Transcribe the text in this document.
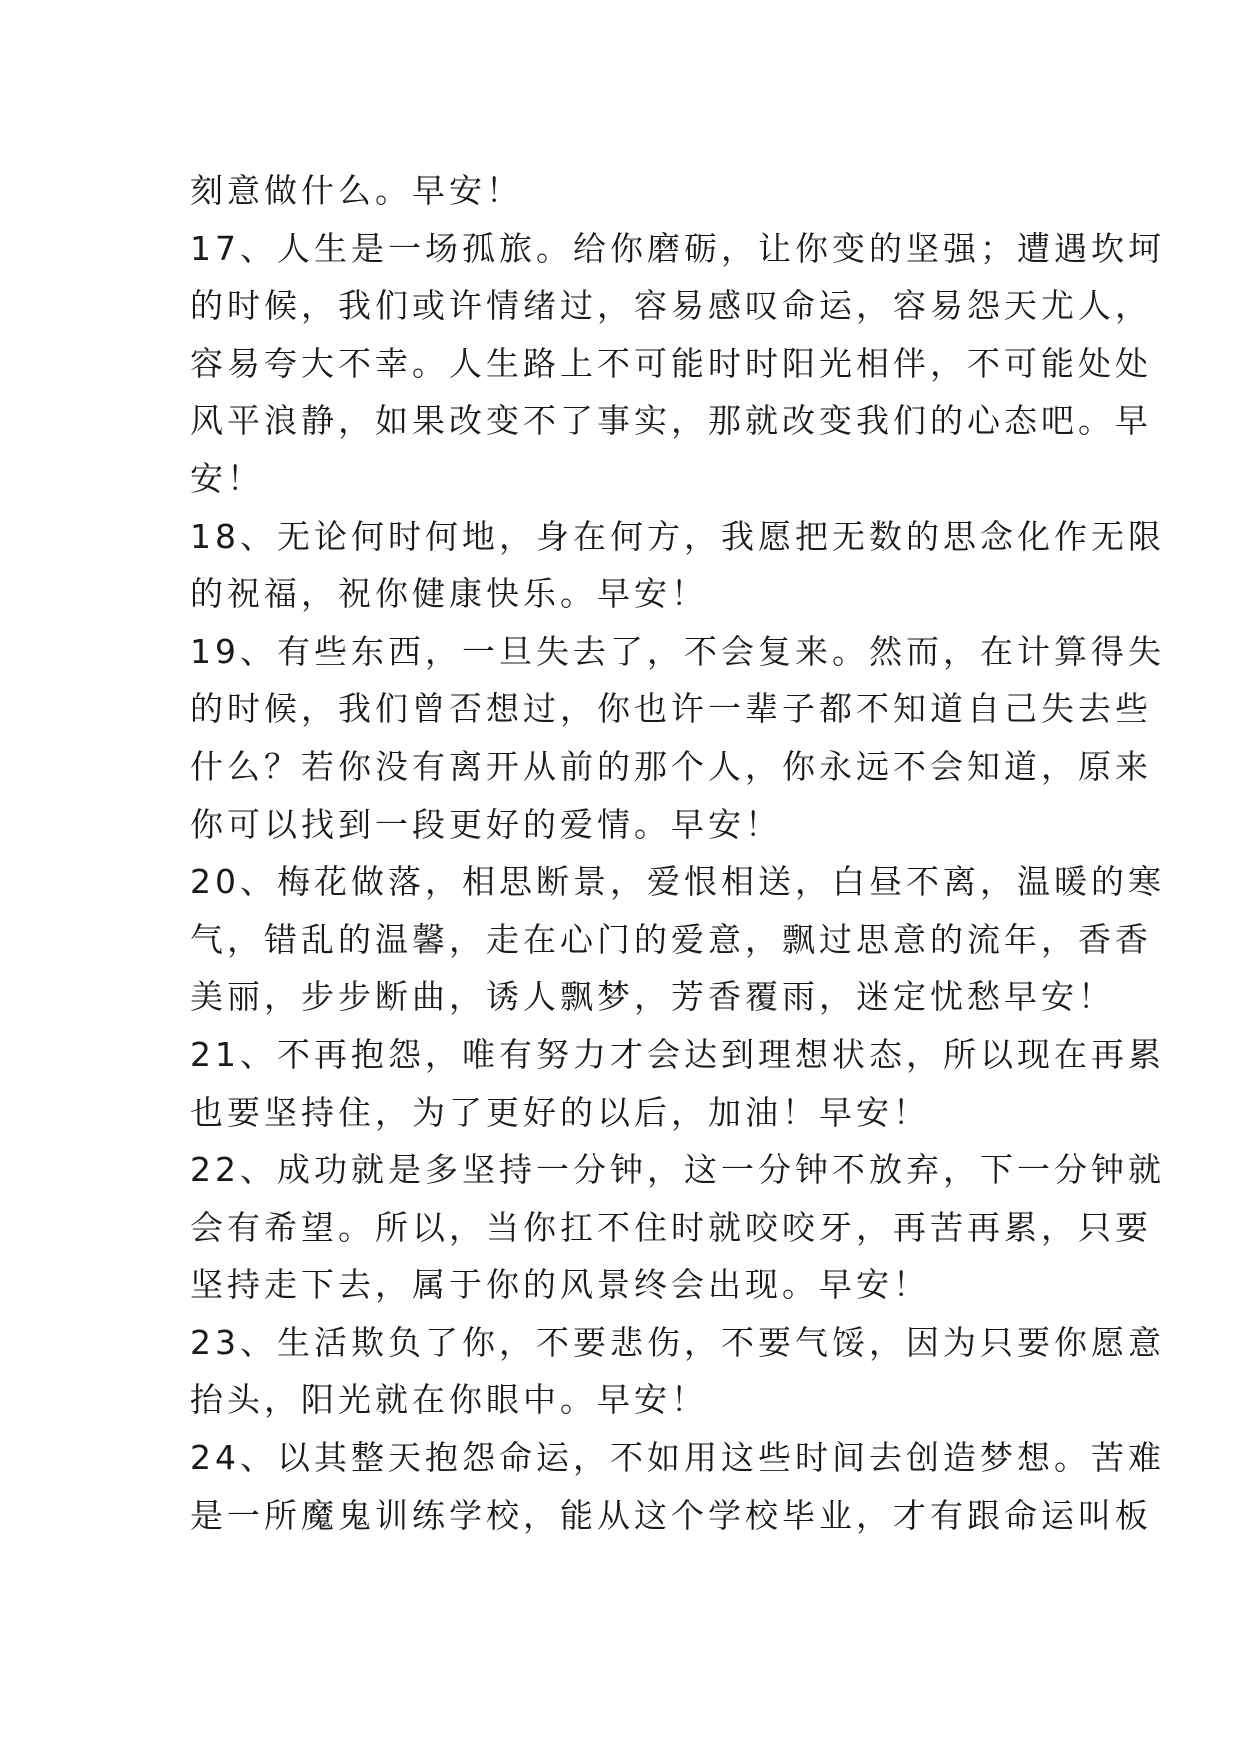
刻意做什么。早安！
17、人生是一场孤旅。给你磨砺，让你变的坚强；遭遇坎坷
的时候，我们或许情绪过，容易感叹命运，容易怨天尤人，
容易夸大不幸。人生路上不可能时时阳光相伴，不可能处处
风平浪静，如果改变不了事实，那就改变我们的心态吧。早
安！
18、无论何时何地，身在何方，我愿把无数的思念化作无限
的祝福，祝你健康快乐。早安！
19、有些东西，一旦失去了，不会复来。然而，在计算得失
的时候，我们曾否想过，你也许一辈子都不知道自己失去些
什么？若你没有离开从前的那个人，你永远不会知道，原来
你可以找到一段更好的爱情。早安！
20、梅花做落，相思断景，爱恨相送，白昼不离，温暖的寒
气，错乱的温馨，走在心门的爱意，飘过思意的流年，香香
美丽，步步断曲，诱人飘梦，芳香覆雨，迷定忧愁早安！
21、不再抱怨，唯有努力才会达到理想状态，所以现在再累
也要坚持住，为了更好的以后，加油！早安！
22、成功就是多坚持一分钟，这一分钟不放弃，下一分钟就
会有希望。所以，当你扛不住时就咬咬牙，再苦再累，只要
坚持走下去，属于你的风景终会出现。早安！
23、生活欺负了你，不要悲伤，不要气馁，因为只要你愿意
抬头，阳光就在你眼中。早安！
24、以其整天抱怨命运，不如用这些时间去创造梦想。苦难
是一所魔鬼训练学校，能从这个学校毕业，才有跟命运叫板
